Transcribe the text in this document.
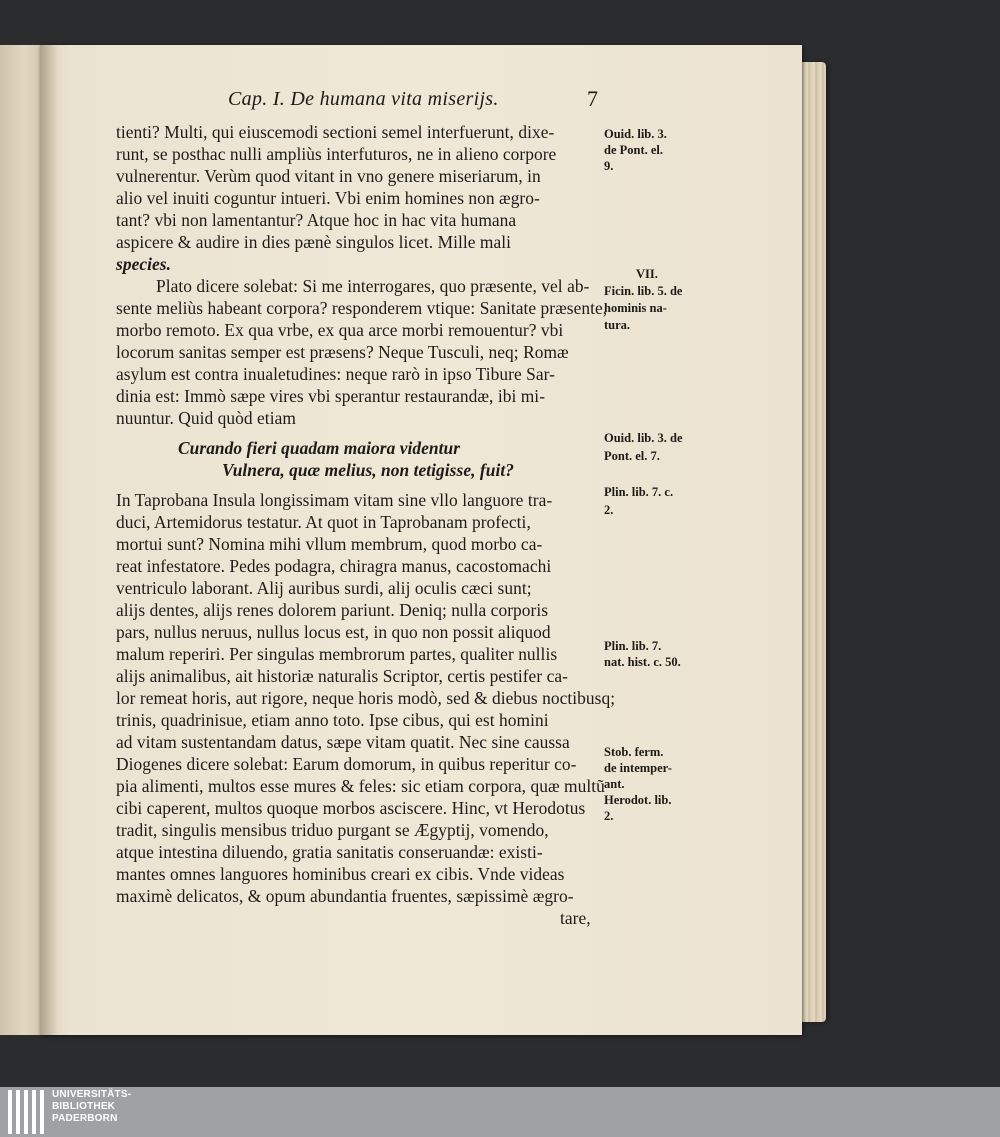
Cap. I. De humana vita miserijs.	7
tienti? Multi, qui eiuscemodi sectioni semel interfuerunt, dixe-
runt, se posthac nulli ampliùs interfuturos, ne in alieno corpore
vulnerentur. Verùm quod vitant in vno genere miseriarum, in
alio vel inuiti coguntur intueri. Vbi enim homines non ægro-
tant? vbi non lamentantur? Atque hoc in hac vita humana
aspicere & audire in dies pænè singulos licet. Mille mali
species.
Plato dicere solebat: Si me interrogares, quo præsente, vel ab-
sente meliùs habeant corpora? responderem vtique: Sanitate præsente,
morbo remoto. Ex qua vrbe, ex qua arce morbi remouentur? vbi
locorum sanitas semper est præsens? Neque Tusculi, neq; Romæ
asylum est contra inualetudines: neque rarò in ipso Tibure Sar-
dinia est: Immò sæpe vires vbi sperantur restaurandæ, ibi mi-
nuuntur. Quid quòd etiam
Curando fieri quadam maiora videntur
Vulnera, quæ melius, non tetigisse, fuit?
In Taprobana Insula longissimam vitam sine vllo languore tra-
duci, Artemidorus testatur. At quot in Taprobanam profecti,
mortui sunt? Nomina mihi vllum membrum, quod morbo ca-
reat infestatore. Pedes podagra, chiragra manus, cacostomachi
ventriculo laborant. Alij auribus surdi, alij oculis cæci sunt;
alijs dentes, alijs renes dolorem pariunt. Deniq; nulla corporis
pars, nullus neruus, nullus locus est, in quo non possit aliquod
malum reperiri. Per singulas membrorum partes, qualiter nullis
alijs animalibus, ait historiæ naturalis Scriptor, certis pestifer ca-
lor remeat horis, aut rigore, neque horis modò, sed & diebus noctibusq;
trinis, quadrinisue, etiam anno toto. Ipse cibus, qui est homini
ad vitam sustentandam datus, sæpe vitam quatit. Nec sine caussa
Diogenes dicere solebat: Earum domorum, in quibus reperitur co-
pia alimenti, multos esse mures & feles: sic etiam corpora, quæ multũ
cibi caperent, multos quoque morbos asciscere. Hinc, vt Herodotus
tradit, singulis mensibus triduo purgant se Ægyptij, vomendo,
atque intestina diluendo, gratia sanitatis conseruandæ: existi-
mantes omnes languores hominibus creari ex cibis. Vnde videas
maximè delicatos, & opum abundantia fruentes, sæpissimè ægro-
tare,
Ouid. lib. 3.
de Pont. el.
9.
VII.
Ficin. lib. 5. de
hominis na-
tura.
Ouid. lib. 3. de
Pont. el. 7.
Plin. lib. 7. c.
2.
Plin. lib. 7.
nat. hist. c. 50.
Stob. ferm.
de intemper-
ant.
Herodot. lib.
2.
UNIVERSITÄTS-
BIBLIOTHEK
PADERBORN
